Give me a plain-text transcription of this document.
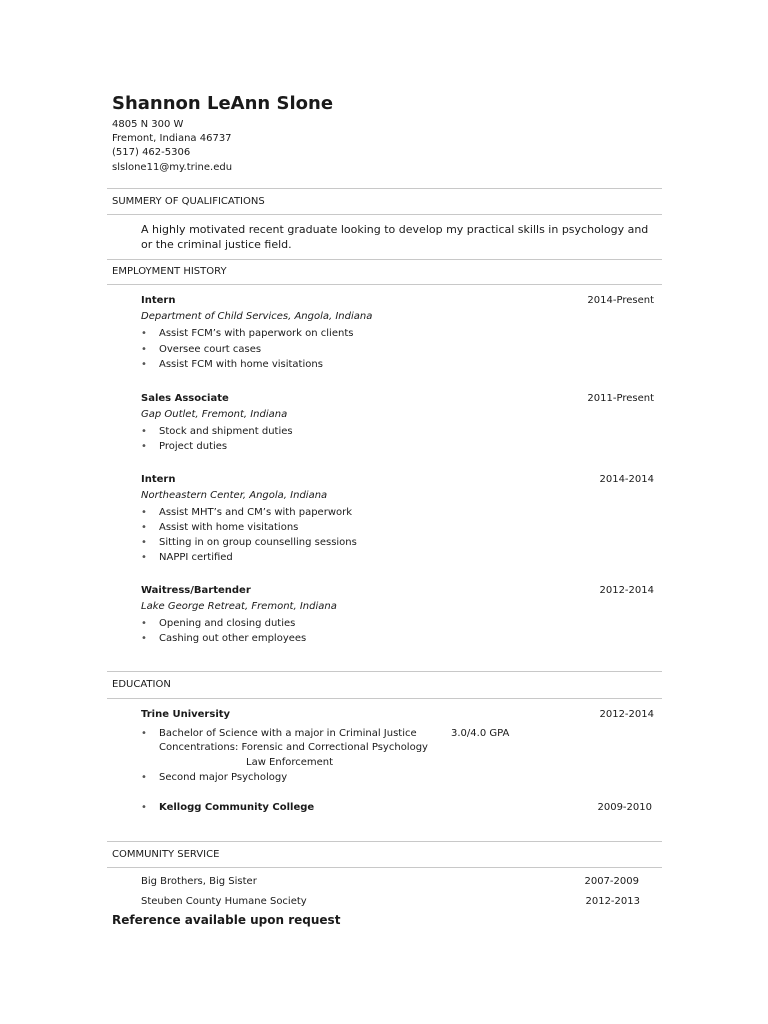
Shannon LeAnn Slone
4805 N 300 W
Fremont, Indiana 46737
(517) 462-5306
slslone11@my.trine.edu
SUMMERY OF QUALIFICATIONS
A highly motivated recent graduate looking to develop my practical skills in psychology and
or the criminal justice field.
EMPLOYMENT HISTORY
Intern	2014-Present
Department of Child Services, Angola, Indiana
• Assist FCM’s with paperwork on clients
• Oversee court cases
• Assist FCM with home visitations
Sales Associate	2011-Present
Gap Outlet, Fremont, Indiana
• Stock and shipment duties
• Project duties
Intern	2014-2014
Northeastern Center, Angola, Indiana
• Assist MHT’s and CM’s with paperwork
• Assist with home visitations
• Sitting in on group counselling sessions
• NAPPI certified
Waitress/Bartender	2012-2014
Lake George Retreat, Fremont, Indiana
• Opening and closing duties
• Cashing out other employees
EDUCATION
Trine University	2012-2014
• Bachelor of Science with a major in Criminal Justice	3.0/4.0 GPA
Concentrations: Forensic and Correctional Psychology
Law Enforcement
• Second major Psychology
• Kellogg Community College	2009-2010
COMMUNITY SERVICE
Big Brothers, Big Sister	2007-2009
Steuben County Humane Society	2012-2013
Reference available upon request
